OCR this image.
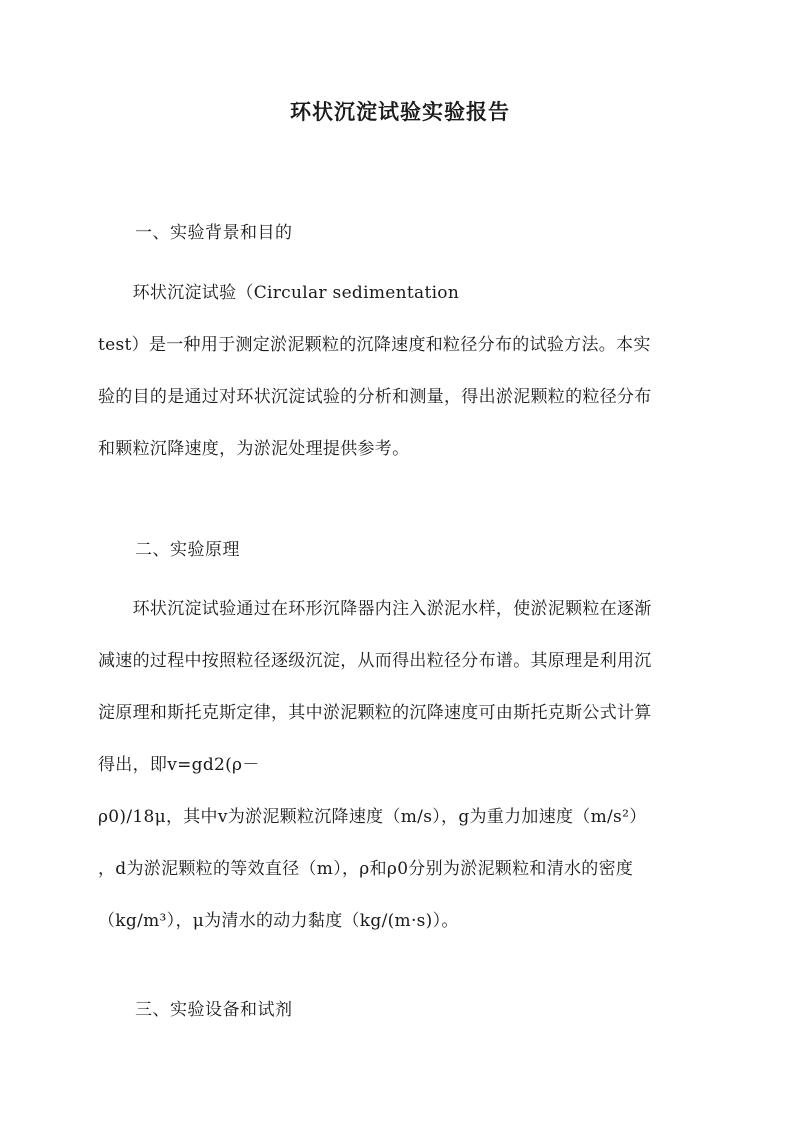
环状沉淀试验实验报告
一、实验背景和目的
　　环状沉淀试验（Circular sedimentation
test）是一种用于测定淤泥颗粒的沉降速度和粒径分布的试验方法。本实
验的目的是通过对环状沉淀试验的分析和测量，得出淤泥颗粒的粒径分布
和颗粒沉降速度，为淤泥处理提供参考。
二、实验原理
　　环状沉淀试验通过在环形沉降器内注入淤泥水样，使淤泥颗粒在逐渐
减速的过程中按照粒径逐级沉淀，从而得出粒径分布谱。其原理是利用沉
淀原理和斯托克斯定律，其中淤泥颗粒的沉降速度可由斯托克斯公式计算
得出，即v=gd2(ρ－
ρ0)/18μ，其中v为淤泥颗粒沉降速度（m/s），g为重力加速度（m/s²）
，d为淤泥颗粒的等效直径（m），ρ和ρ0分别为淤泥颗粒和清水的密度
（kg/m³），μ为清水的动力黏度（kg/(m·s)）。
三、实验设备和试剂
